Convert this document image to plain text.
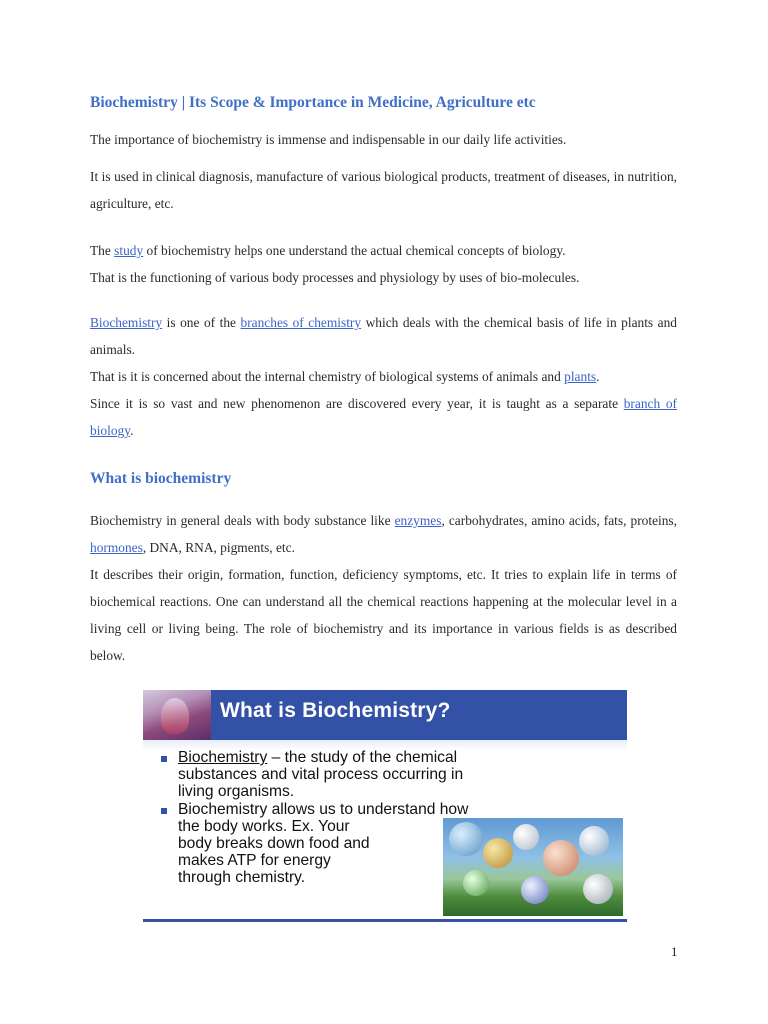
Biochemistry | Its Scope & Importance in Medicine, Agriculture etc
The importance of biochemistry is immense and indispensable in our daily life activities.
It is used in clinical diagnosis, manufacture of various biological products, treatment of diseases, in nutrition, agriculture, etc.
The study of biochemistry helps one understand the actual chemical concepts of biology.
That is the functioning of various body processes and physiology by uses of bio-molecules.
Biochemistry is one of the branches of chemistry which deals with the chemical basis of life in plants and animals.
That is it is concerned about the internal chemistry of biological systems of animals and plants.
Since it is so vast and new phenomenon are discovered every year, it is taught as a separate branch of biology.
What is biochemistry
Biochemistry in general deals with body substance like enzymes, carbohydrates, amino acids, fats, proteins, hormones, DNA, RNA, pigments, etc.
It describes their origin, formation, function, deficiency symptoms, etc. It tries to explain life in terms of biochemical reactions. One can understand all the chemical reactions happening at the molecular level in a living cell or living being. The role of biochemistry and its importance in various fields is as described below.
What is Biochemistry?
Biochemistry – the study of the chemical
substances and vital process occurring in
living organisms.
Biochemistry allows us to understand how
the body works. Ex. Your
body breaks down food and
makes ATP for energy
through chemistry.
1
